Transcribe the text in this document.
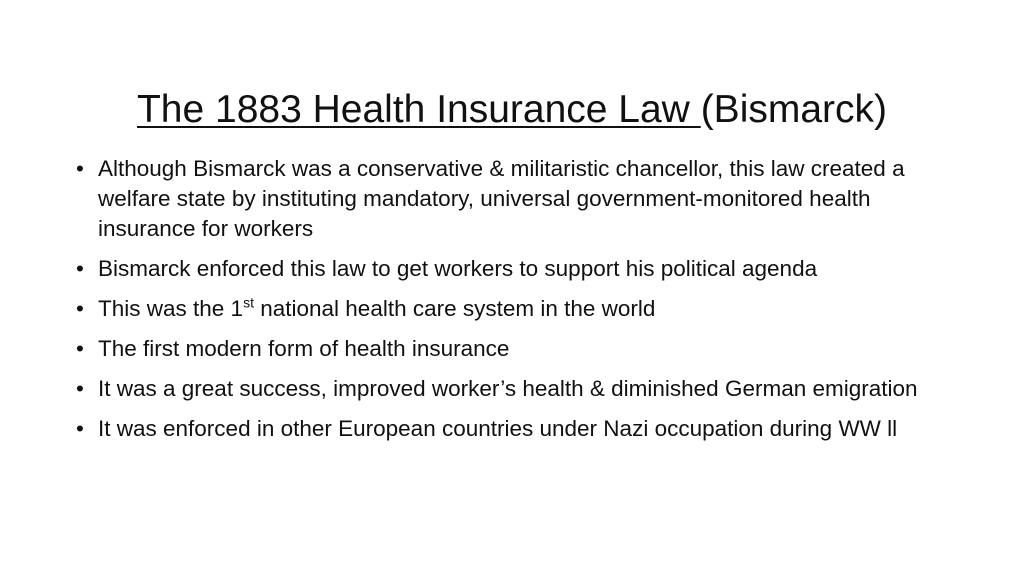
The 1883 Health Insurance Law (Bismarck)
• Although Bismarck was a conservative & militaristic chancellor, this law created a welfare state by instituting mandatory, universal government-monitored health insurance for workers
• Bismarck enforced this law to get workers to support his political agenda
• This was the 1st national health care system in the world
• The first modern form of health insurance
• It was a great success, improved worker’s health & diminished German emigration
• It was enforced in other European countries under Nazi occupation during WW ll
